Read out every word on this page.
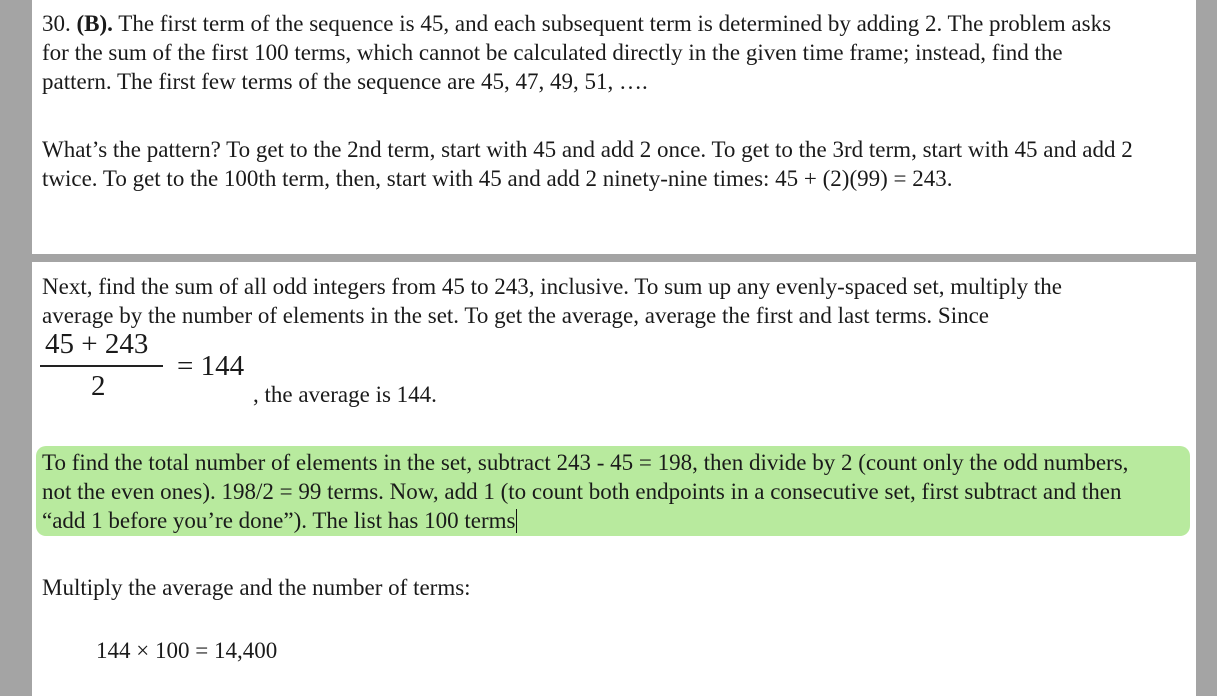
30. (B). The first term of the sequence is 45, and each subsequent term is determined by adding 2. The problem asks
for the sum of the first 100 terms, which cannot be calculated directly in the given time frame; instead, find the
pattern. The first few terms of the sequence are 45, 47, 49, 51, ….

What’s the pattern? To get to the 2nd term, start with 45 and add 2 once. To get to the 3rd term, start with 45 and add 2
twice. To get to the 100th term, then, start with 45 and add 2 ninety-nine times: 45 + (2)(99) = 243.

Next, find the sum of all odd integers from 45 to 243, inclusive. To sum up any evenly-spaced set, multiply the
average by the number of elements in the set. To get the average, average the first and last terms. Since

45 + 243
2
= 144
, the average is 144.

To find the total number of elements in the set, subtract 243 - 45 = 198, then divide by 2 (count only the odd numbers,
not the even ones). 198/2 = 99 terms. Now, add 1 (to count both endpoints in a consecutive set, first subtract and then
“add 1 before you’re done”). The list has 100 terms

Multiply the average and the number of terms:

144 × 100 = 14,400
